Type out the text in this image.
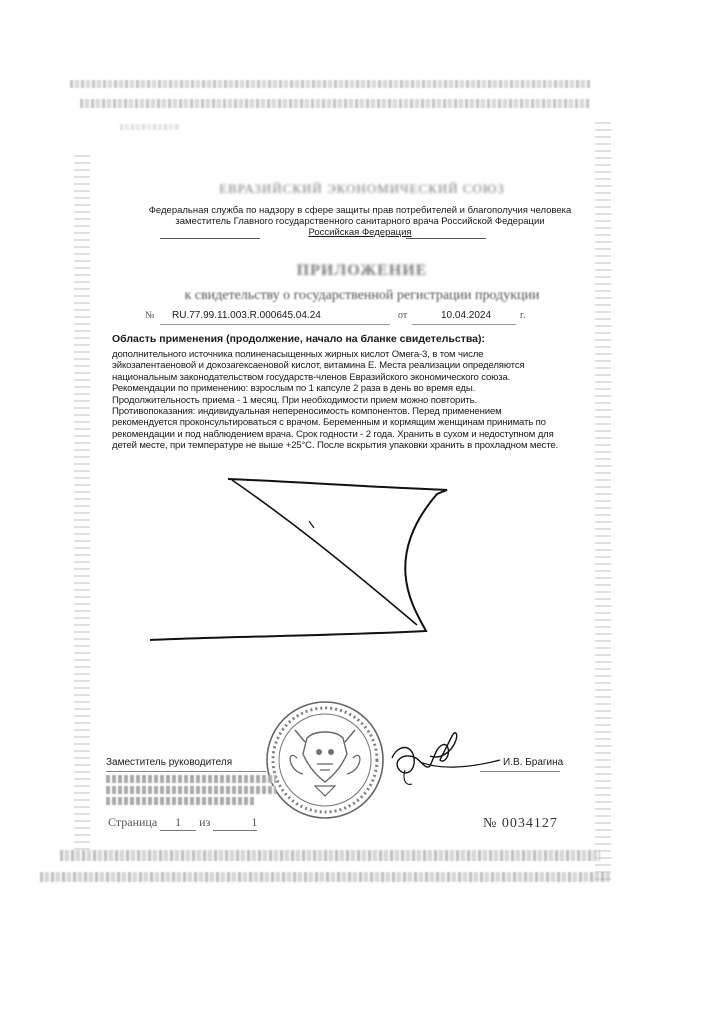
ЕВРАЗИЙСКИЙ ЭКОНОМИЧЕСКИЙ СОЮЗ
Федеральная служба по надзору в сфере защиты прав потребителей и благополучия человека
заместитель Главного государственного санитарного врача Российской Федерации
Российская Федерация
ПРИЛОЖЕНИЕ
к свидетельству о государственной регистрации продукции
№ RU.77.99.11.003.R.000645.04.24	от	10.04.2024	г.
Область применения (продолжение, начало на бланке свидетельства):

дополнительного источника полиненасыщенных жирных кислот Омега-3, в том числе эйкозапентаеновой и докозагексаеновой кислот, витамина Е. Места реализации определяются национальным законодательством государств-членов Евразийского экономического союза.

Рекомендации по применению: взрослым по 1 капсуле 2 раза в день во время еды. Продолжительность приема - 1 месяц. При необходимости прием можно повторить.

Противопоказания: индивидуальная непереносимость компонентов. Перед применением рекомендуется проконсультироваться с врачом. Беременным и кормящим женщинам принимать по рекомендации и под наблюдением врача. Срок годности - 2 года. Хранить в сухом и недоступном для детей месте, при температуре не выше +25°С. После вскрытия упаковки хранить в прохладном месте.

Заместитель руководителя	И.В. Брагина
Страница 1 из	1	№ 0034127
